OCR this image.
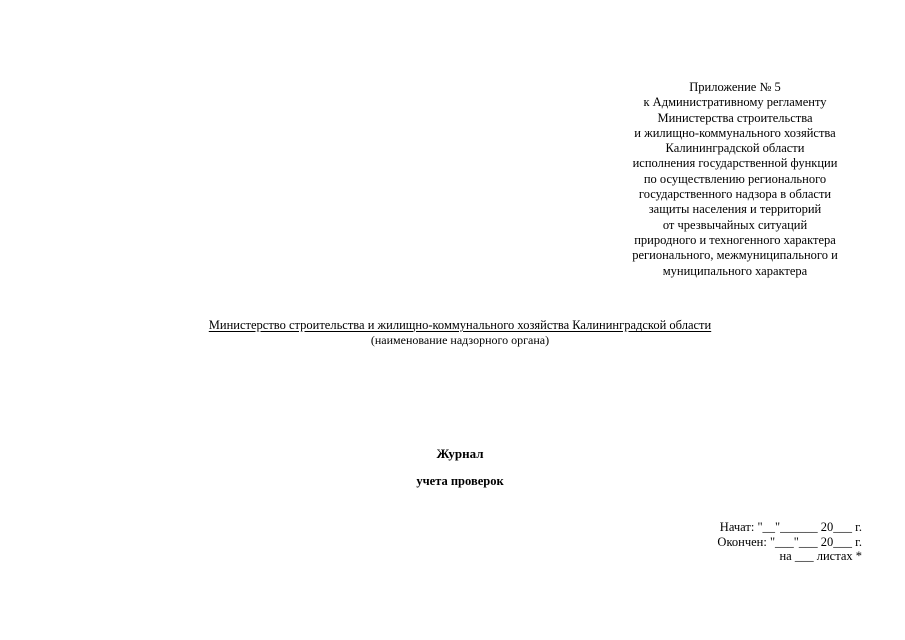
Приложение № 5
к Административному регламенту
Министерства строительства
и жилищно-коммунального хозяйства
Калининградской области
исполнения государственной функции
по осуществлению регионального
государственного надзора в области
защиты населения и территорий
от чрезвычайных ситуаций
природного и техногенного характера
регионального, межмуниципального и
муниципального характера
Министерство строительства и жилищно-коммунального хозяйства Калининградской области
(наименование надзорного органа)
Журнал
учета проверок
Начат: "__"______ 20___ г.
Окончен: "___"___ 20___ г.
на ___ листах *
